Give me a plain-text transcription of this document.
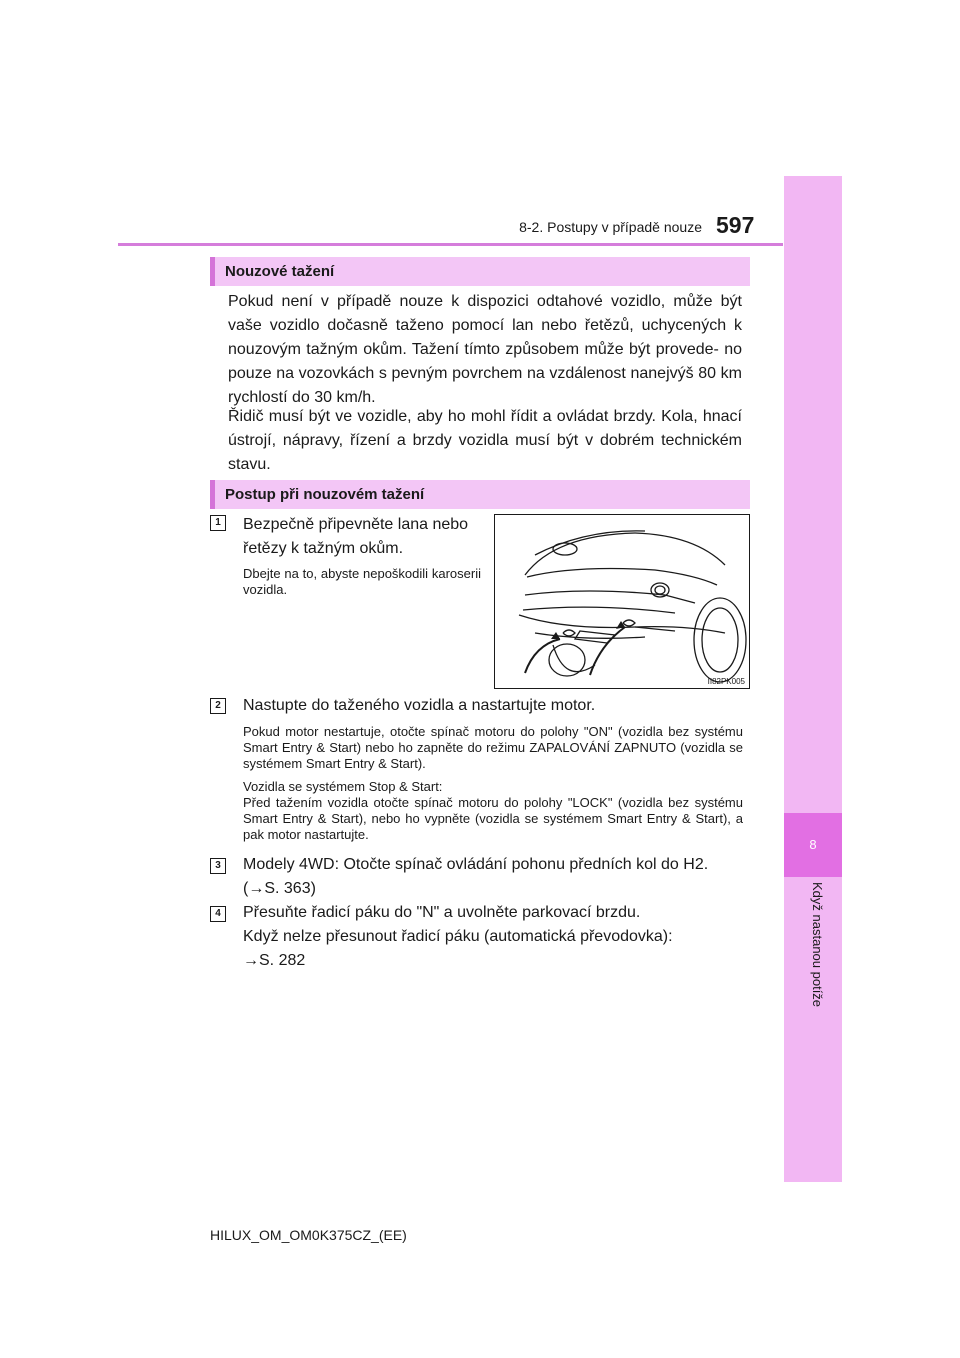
8-2. Postupy v případě nouze 597
8
Když nastanou potíže
Nouzové tažení
Pokud není v případě nouze k dispozici odtahové vozidlo, může být vaše vozidlo dočasně taženo pomocí lan nebo řetězů, uchycených k nouzovým tažným okům. Tažení tímto způsobem může být provede- no pouze na vozovkách s pevným povrchem na vzdálenost nanejvýš 80 km rychlostí do 30 km/h.
Řidič musí být ve vozidle, aby ho mohl řídit a ovládat brzdy. Kola, hnací ústrojí, nápravy, řízení a brzdy vozidla musí být v dobrém technickém stavu.
Postup při nouzovém tažení
1	Bezpečně připevněte lana nebo
řetězy k tažným okům.
Dbejte na to, abyste nepoškodili karoserii vozidla.
II82PK005
2	Nastupte do taženého vozidla a nastartujte motor.
Pokud motor nestartuje, otočte spínač motoru do polohy "ON" (vozidla bez systému Smart Entry & Start) nebo ho zapněte do režimu ZAPALOVÁNÍ ZAPNUTO (vozidla se systémem Smart Entry & Start).
Vozidla se systémem Stop & Start:
Před tažením vozidla otočte spínač motoru do polohy "LOCK" (vozidla bez systému Smart Entry & Start), nebo ho vypněte (vozidla se systémem Smart Entry & Start), a pak motor nastartujte.
3	Modely 4WD: Otočte spínač ovládání pohonu předních kol do H2.
(→S. 363)
4	Přesuňte řadicí páku do "N" a uvolněte parkovací brzdu.
Když nelze přesunout řadicí páku (automatická převodovka):
→S. 282
HILUX_OM_OM0K375CZ_(EE)
